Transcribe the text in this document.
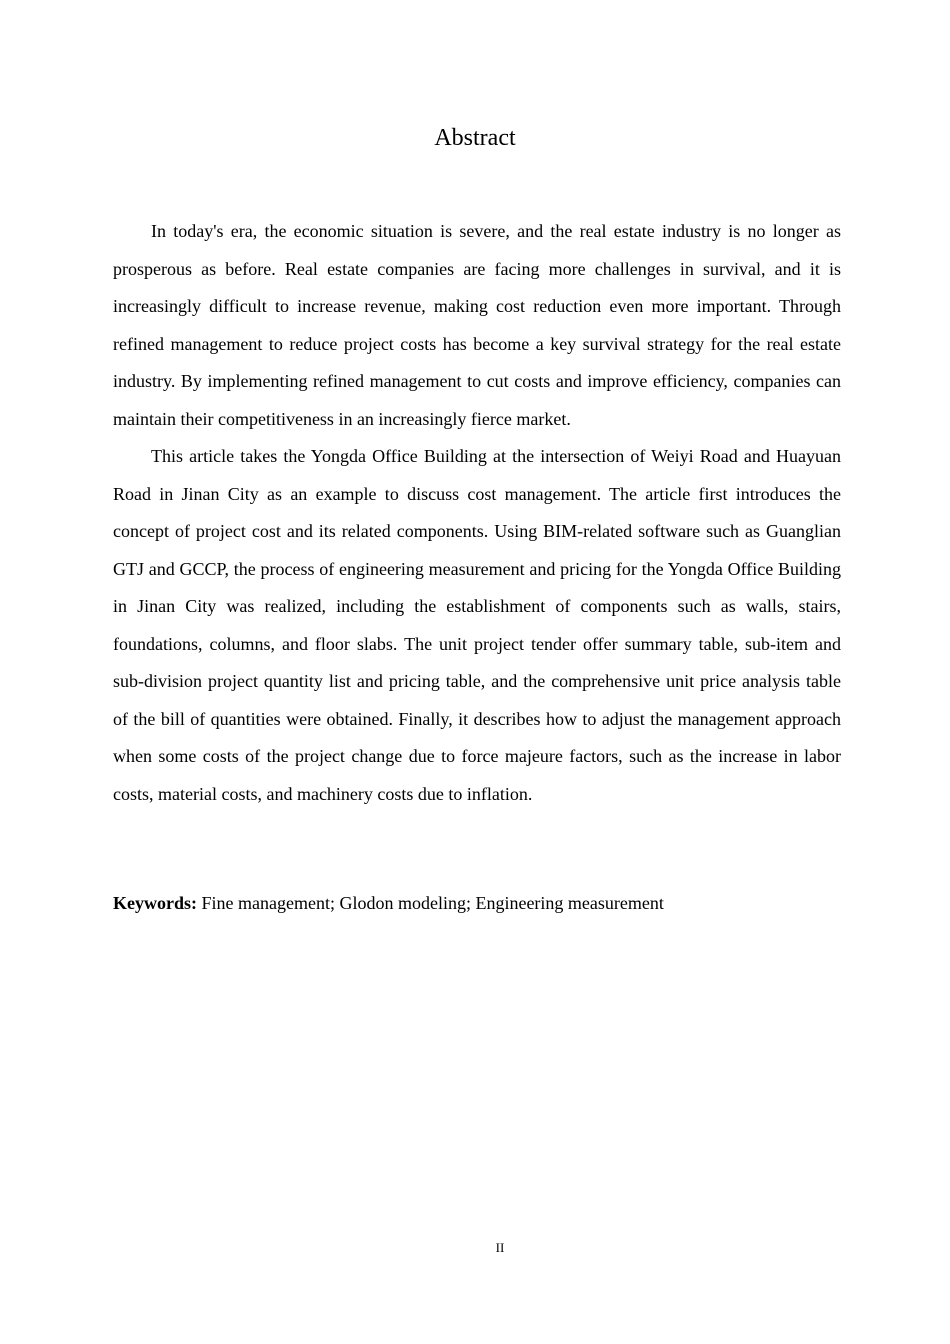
Abstract

In today's era, the economic situation is severe, and the real estate industry is no longer as prosperous as before. Real estate companies are facing more challenges in survival, and it is increasingly difficult to increase revenue, making cost reduction even more important. Through refined management to reduce project costs has become a key survival strategy for the real estate industry. By implementing refined management to cut costs and improve efficiency, companies can maintain their competitiveness in an increasingly fierce market.

This article takes the Yongda Office Building at the intersection of Weiyi Road and Huayuan Road in Jinan City as an example to discuss cost management. The article first introduces the concept of project cost and its related components. Using BIM-related software such as Guanglian GTJ and GCCP, the process of engineering measurement and pricing for the Yongda Office Building in Jinan City was realized, including the establishment of components such as walls, stairs, foundations, columns, and floor slabs. The unit project tender offer summary table, sub-item and sub-division project quantity list and pricing table, and the comprehensive unit price analysis table of the bill of quantities were obtained. Finally, it describes how to adjust the management approach when some costs of the project change due to force majeure factors, such as the increase in labor costs, material costs, and machinery costs due to inflation.

Keywords: Fine management; Glodon modeling; Engineering measurement

II
